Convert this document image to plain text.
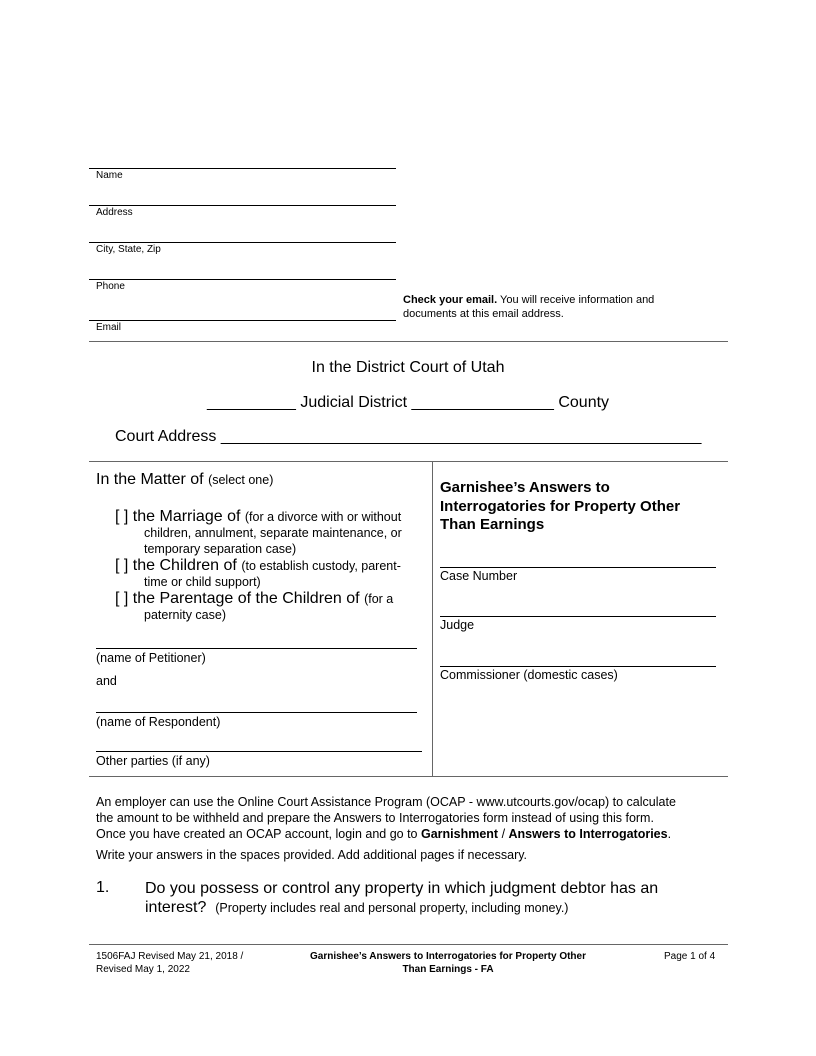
Name
Address
City, State, Zip
Phone
Check your email. You will receive information and
documents at this email address.
Email
In the District Court of Utah
__________ Judicial District ________________ County
Court Address ______________________________________________________
In the Matter of (select one)
[ ] the Marriage of (for a divorce with or without
children, annulment, separate maintenance, or
temporary separation case)
[ ] the Children of (to establish custody, parent-
time or child support)
[ ] the Parentage of the Children of (for a
paternity case)
(name of Petitioner)
and
(name of Respondent)
Other parties (if any)
Garnishee’s Answers to
Interrogatories for Property Other
Than Earnings
Case Number
Judge
Commissioner (domestic cases)
An employer can use the Online Court Assistance Program (OCAP - www.utcourts.gov/ocap) to calculate
the amount to be withheld and prepare the Answers to Interrogatories form instead of using this form.
Once you have created an OCAP account, login and go to Garnishment / Answers to Interrogatories.
Write your answers in the spaces provided. Add additional pages if necessary.
1. Do you possess or control any property in which judgment debtor has an
interest? (Property includes real and personal property, including money.)
1506FAJ Revised May 21, 2018 /
Revised May 1, 2022
Garnishee’s Answers to Interrogatories for Property Other
Than Earnings - FA
Page 1 of 4
